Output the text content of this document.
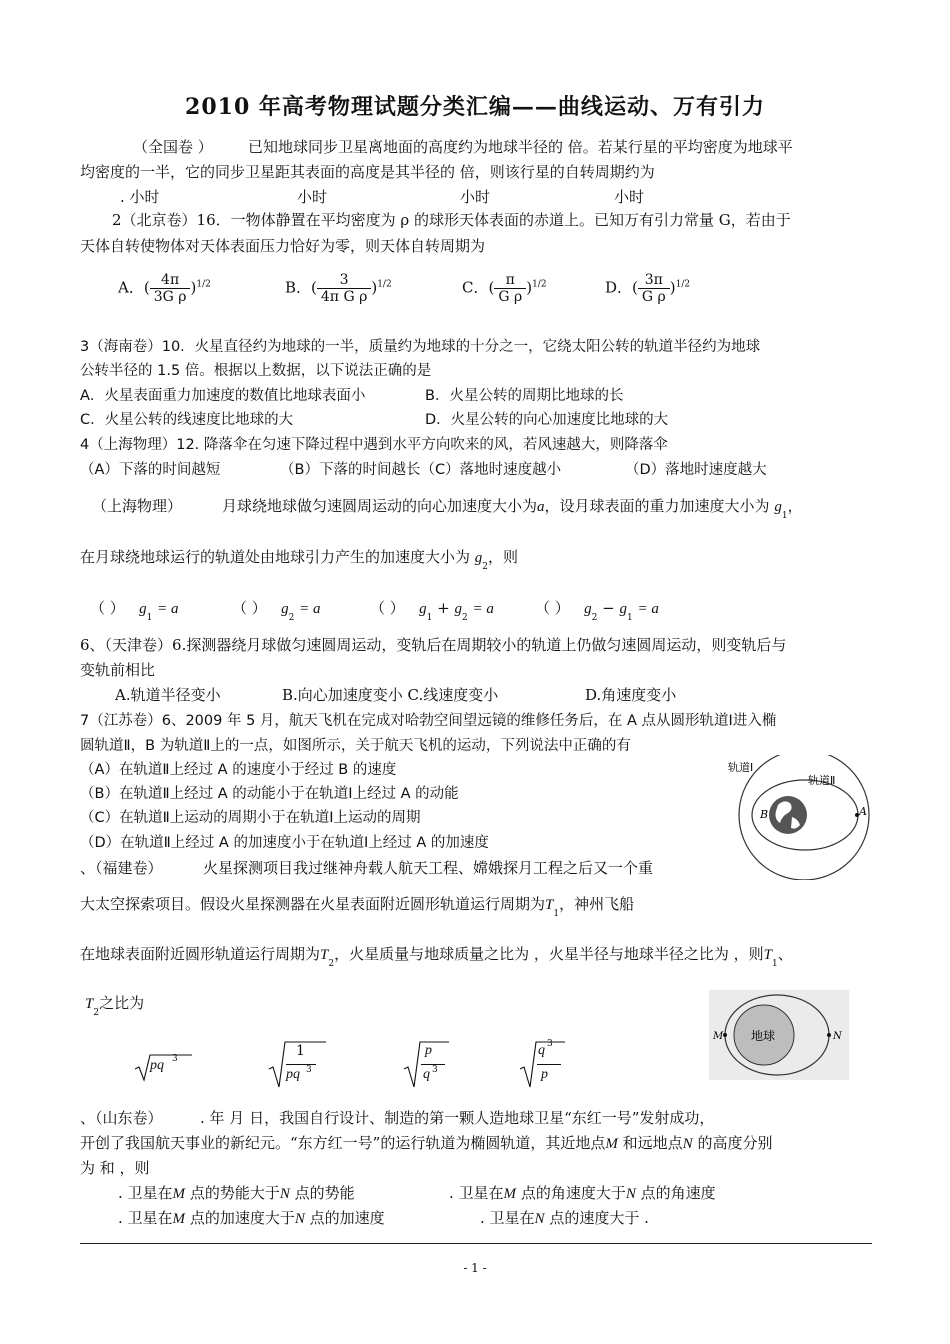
2010 年高考物理试题分类汇编——曲线运动、万有引力
（全国卷 ） 已知地球同步卫星离地面的高度约为地球半径的 倍。若某行星的平均密度为地球平
均密度的一半，它的同步卫星距其表面的高度是其半径的 倍，则该行星的自转周期约为
. 小时	小时	小时	小时
2（北京卷）16．一物体静置在平均密度为 ρ 的球形天体表面的赤道上。已知万有引力常量 G，若由于
天体自转使物体对天体表面压力恰好为零，则天体自转周期为
A．( $\frac{4\pi}{\text{3G ρ}} )^{1/2}$	B．( $\frac{3}{\text{4π G ρ}} )^{1/2}$	C．( $\frac{\pi}{\text{G ρ}} )^{1/2}$	D．( $\frac{3\pi}{\text{G ρ}} )^{1/2}$
3（海南卷）10．火星直径约为地球的一半，质量约为地球的十分之一，它绕太阳公转的轨道半径约为地球
公转半径的 1.5 倍。根据以上数据，以下说法正确的是
A．火星表面重力加速度的数值比地球表面小	B．火星公转的周期比地球的长
C．火星公转的线速度比地球的大	D．火星公转的向心加速度比地球的大
4（上海物理）12. 降落伞在匀速下降过程中遇到水平方向吹来的风，若风速越大，则降落伞
（A）下落的时间越短	（B）下落的时间越长（C）落地时速度越小	（D）落地时速度越大
（上海物理）	月球绕地球做匀速圆周运动的向心加速度大小为a，设月球表面的重力加速度大小为 $g_1$，
在月球绕地球运行的轨道处由地球引力产生的加速度大小为 $g_2$，则
（ ） $g_1 = a$	（ ） $g_2 = a$	（ ） $g_1 + g_2 = a$	（ ） $g_2 - g_1 = a$
6、（天津卷）6.探测器绕月球做匀速圆周运动，变轨后在周期较小的轨道上仍做匀速圆周运动，则变轨后与
变轨前相比
A.轨道半径变小	B.向心加速度变小 C.线速度变小	D.角速度变小
7（江苏卷）6、2009 年 5 月，航天飞机在完成对哈勃空间望远镜的维修任务后，在 A 点从圆形轨道Ⅰ进入椭
圆轨道Ⅱ，B 为轨道Ⅱ上的一点，如图所示，关于航天飞机的运动，下列说法中正确的有
（A）在轨道Ⅱ上经过 A 的速度小于经过 B 的速度
（B）在轨道Ⅱ上经过 A 的动能小于在轨道Ⅰ上经过 A 的动能
（C）在轨道Ⅱ上运动的周期小于在轨道Ⅰ上运动的周期
（D）在轨道Ⅱ上经过 A 的加速度小于在轨道Ⅰ上经过 A 的加速度
轨道Ⅰ
轨道Ⅱ
B	A
、（福建卷）	火星探测项目我过继神舟载人航天工程、嫦娥探月工程之后又一个重
大太空探索项目。假设火星探测器在火星表面附近圆形轨道运行周期为$T_1$，神州飞船
在地球表面附近圆形轨道运行周期为$T_2$，火星质量与地球质量之比为 ，火星半径与地球半径之比为 ，则$T_1$、
$T_2$之比为
pq 3	1
pq 3
p
q 3
q 3
p
地球
M	N
、（山东卷） . 年 月 日，我国自行设计、制造的第一颗人造地球卫星“东红一号”发射成功，
开创了我国航天事业的新纪元。“东方红一号”的运行轨道为椭圆轨道，其近地点M 和远地点N 的高度分别
为 和 ，则
. 卫星在M 点的势能大于N 点的势能	. 卫星在M 点的角速度大于N 点的角速度
. 卫星在M 点的加速度大于N 点的加速度	. 卫星在N 点的速度大于 .
- 1 -
